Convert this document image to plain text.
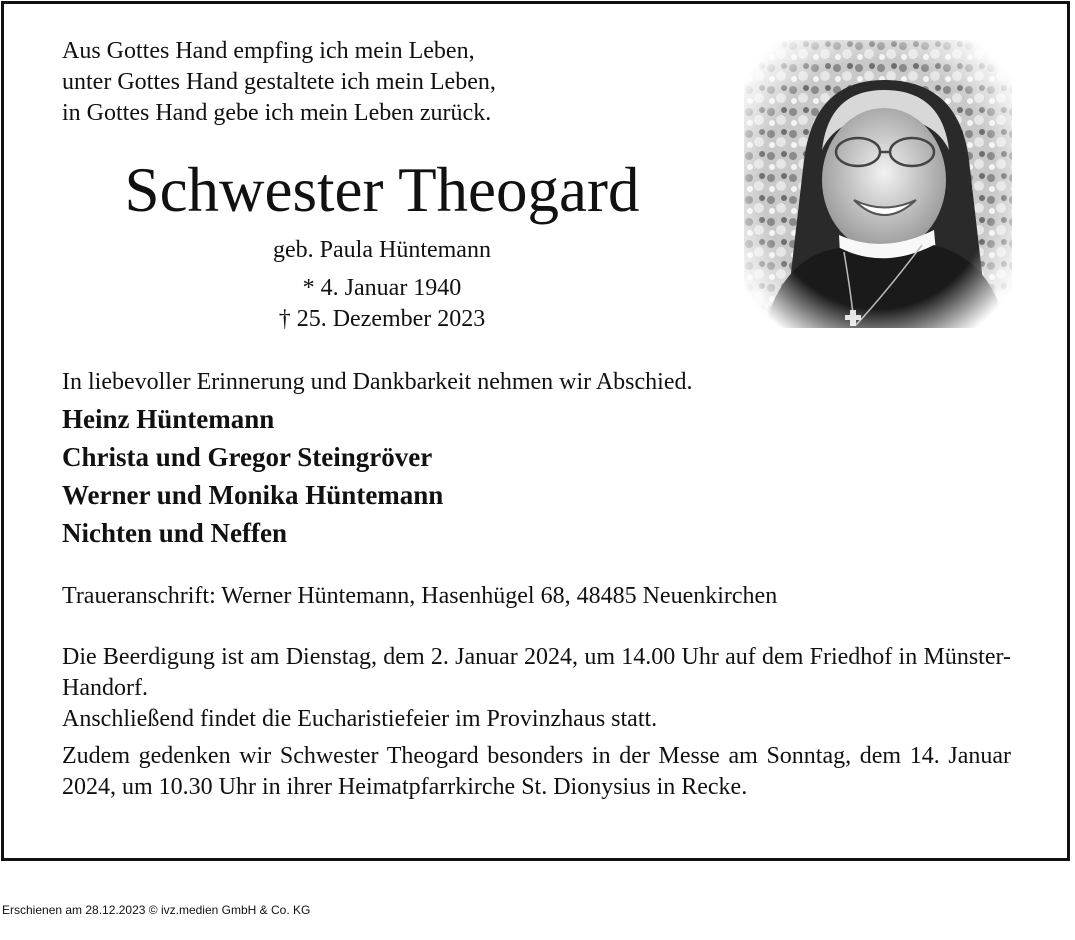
Aus Gottes Hand empfing ich mein Leben,
unter Gottes Hand gestaltete ich mein Leben,
in Gottes Hand gebe ich mein Leben zurück.
Schwester Theogard
geb. Paula Hüntemann
* 4. Januar 1940
† 25. Dezember 2023
In liebevoller Erinnerung und Dankbarkeit nehmen wir Abschied.
Heinz Hüntemann
Christa und Gregor Steingröver
Werner und Monika Hüntemann
Nichten und Neffen
Traueranschrift: Werner Hüntemann, Hasenhügel 68, 48485 Neuenkirchen
Die Beerdigung ist am Dienstag, dem 2. Januar 2024, um 14.00 Uhr auf dem Friedhof in Münster-Handorf.
Anschließend findet die Eucharistiefeier im Provinzhaus statt.
Zudem gedenken wir Schwester Theogard besonders in der Messe am Sonntag, dem 14. Januar 2024, um 10.30 Uhr in ihrer Heimatpfarrkirche St. Dionysius in Recke.
Erschienen am 28.12.2023 © ivz.medien GmbH & Co. KG
